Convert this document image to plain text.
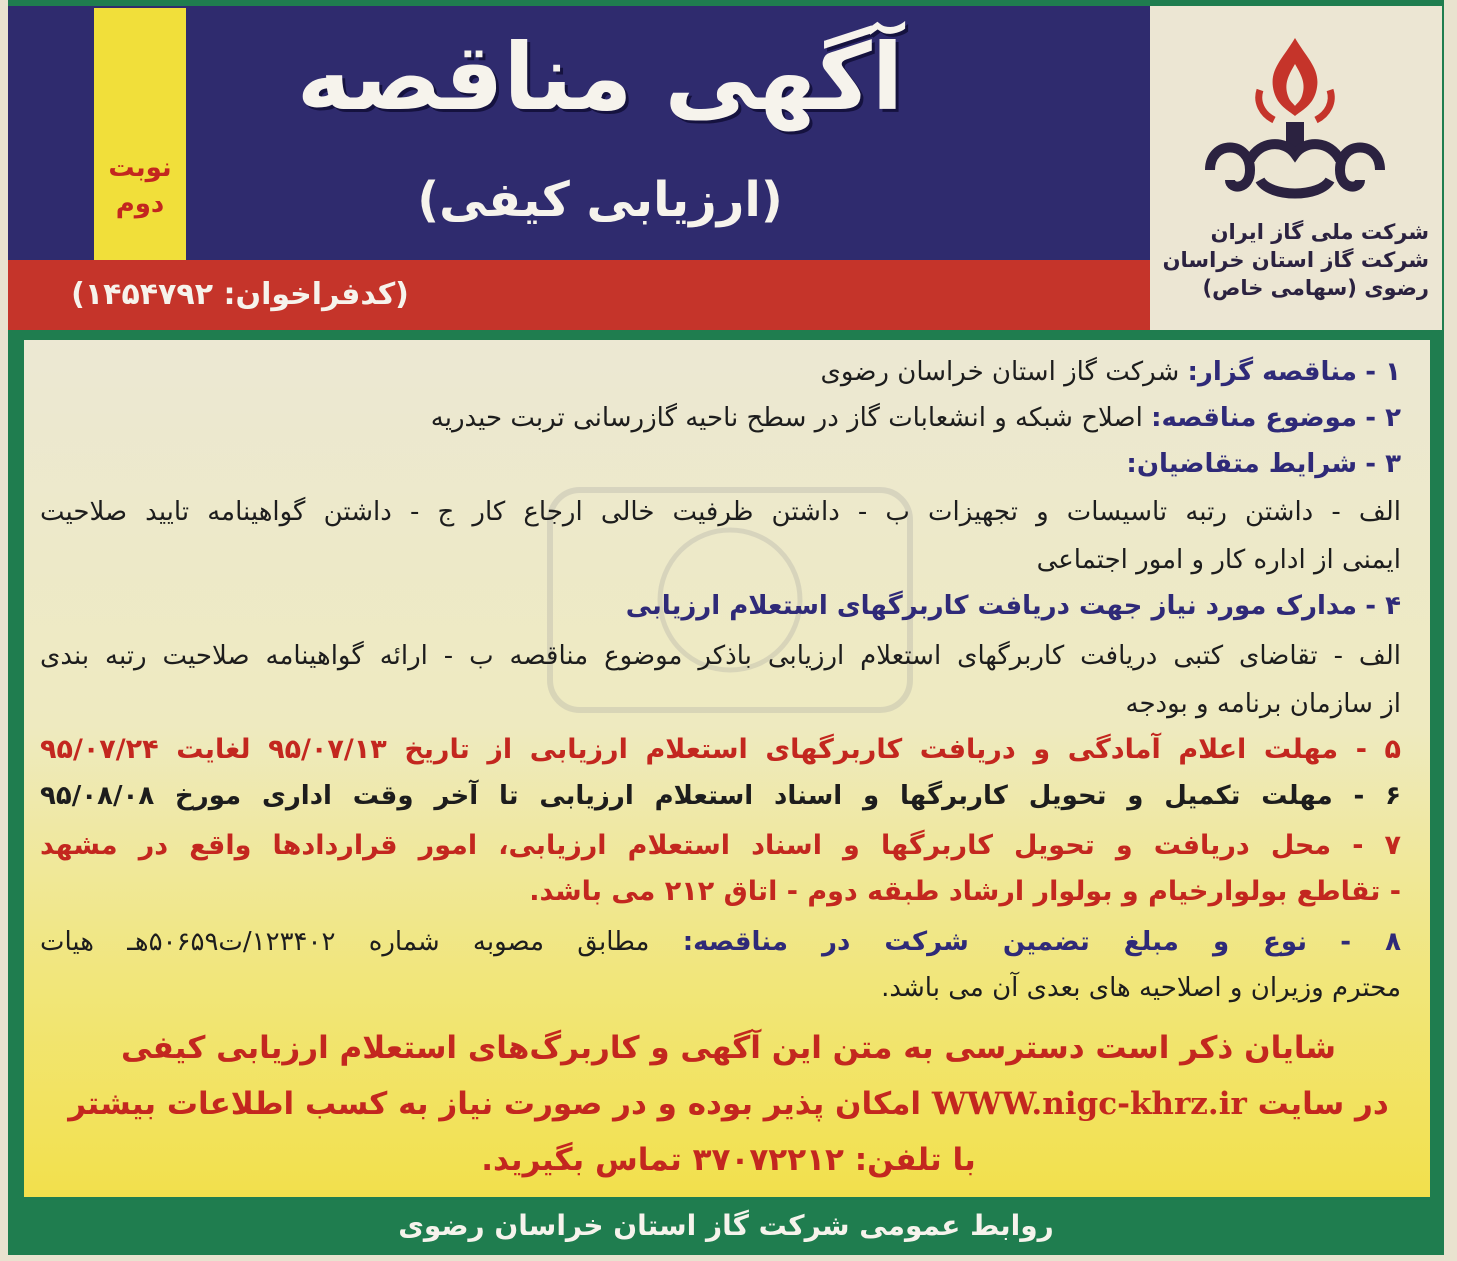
نوبت
دوم
آگهی مناقصه
(ارزیابی کیفی)
(کدفراخوان: ۱۴۵۴۷۹۲)
شرکت ملی گاز ایران
شرکت گاز استان خراسان
رضوی (سهامی خاص)
۱ - مناقصه گزار: شرکت گاز استان خراسان رضوی
۲ - موضوع مناقصه: اصلاح شبکه و انشعابات گاز در سطح ناحیه گازرسانی تربت حیدریه
۳ - شرایط متقاضیان:
الف - داشتن رتبه تاسیسات و تجهیزات ب - داشتن ظرفیت خالی ارجاع کار ج - داشتن گواهینامه تایید صلاحیت
ایمنی از اداره کار و امور اجتماعی
۴ - مدارک مورد نیاز جهت دریافت کاربرگهای استعلام ارزیابی
الف - تقاضای کتبی دریافت کاربرگهای استعلام ارزیابی باذکر موضوع مناقصه ب - ارائه گواهینامه صلاحیت رتبه بندی
از سازمان برنامه و بودجه
۵ - مهلت اعلام آمادگی و دریافت کاربرگهای استعلام ارزیابی از تاریخ ۹۵/۰۷/۱۳ لغایت ۹۵/۰۷/۲۴
۶ - مهلت تکمیل و تحویل کاربرگها و اسناد استعلام ارزیابی تا آخر وقت اداری مورخ ۹۵/۰۸/۰۸
۷ - محل دریافت و تحویل کاربرگها و اسناد استعلام ارزیابی، امور قراردادها واقع در مشهد
- تقاطع بولوارخیام و بولوار ارشاد طبقه دوم - اتاق ۲۱۲ می باشد.
۸ - نوع و مبلغ تضمین شرکت در مناقصه: مطابق مصوبه شماره ۱۲۳۴۰۲/ت۵۰۶۵۹هـ هیات
محترم وزیران و اصلاحیه های بعدی آن می باشد.
شایان ذکر است دسترسی به متن این آگهی و کاربرگ‌های استعلام ارزیابی کیفی
در سایت WWW.nigc-khrz.ir امکان پذیر بوده و در صورت نیاز به کسب اطلاعات بیشتر
با تلفن: ۳۷۰۷۲۲۱۲ تماس بگیرید.
روابط عمومی شرکت گاز استان خراسان رضوی
